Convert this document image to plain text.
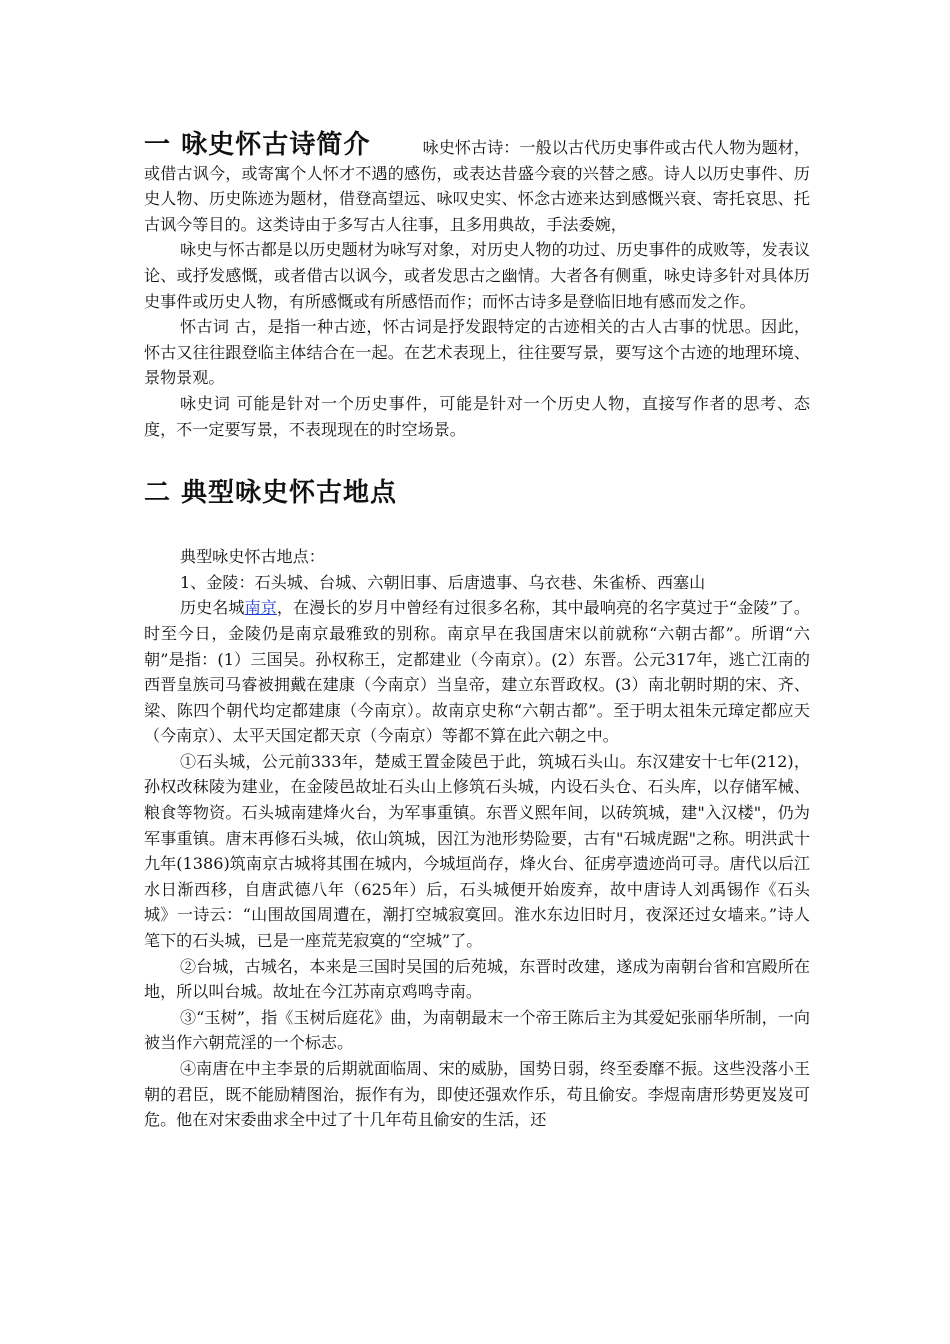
一 咏史怀古诗简介	咏史怀古诗：一般以古代历史事件或古代人物为题材，或借古讽今，或寄寓个人怀才不遇的感伤，或表达昔盛今衰的兴替之感。诗人以历史事件、历史人物、历史陈迹为题材，借登高望远、咏叹史实、怀念古迹来达到感慨兴衰、寄托哀思、托古讽今等目的。这类诗由于多写古人往事，且多用典故，手法委婉，

咏史与怀古都是以历史题材为咏写对象，对历史人物的功过、历史事件的成败等，发表议论、或抒发感慨，或者借古以讽今，或者发思古之幽情。大者各有侧重，咏史诗多针对具体历史事件或历史人物，有所感慨或有所感悟而作；而怀古诗多是登临旧地有感而发之作。

怀古词 古，是指一种古迹，怀古词是抒发跟特定的古迹相关的古人古事的忧思。因此，怀古又往往跟登临主体结合在一起。在艺术表现上，往往要写景，要写这个古迹的地理环境、景物景观。

咏史词 可能是针对一个历史事件，可能是针对一个历史人物，直接写作者的思考、态度，不一定要写景，不表现现在的时空场景。

二 典型咏史怀古地点

典型咏史怀古地点：

1、金陵：石头城、台城、六朝旧事、后唐遗事、乌衣巷、朱雀桥、西塞山

历史名城南京，在漫长的岁月中曾经有过很多名称，其中最响亮的名字莫过于“金陵”了。时至今日，金陵仍是南京最雅致的别称。南京早在我国唐宋以前就称“六朝古都”。所谓“六朝”是指：(1）三国吴。孙权称王，定都建业（今南京）。(2）东晋。公元317年，逃亡江南的西晋皇族司马睿被拥戴在建康（今南京）当皇帝，建立东晋政权。(3）南北朝时期的宋、齐、梁、陈四个朝代均定都建康（今南京）。故南京史称“六朝古都”。至于明太祖朱元璋定都应天（今南京）、太平天国定都天京（今南京）等都不算在此六朝之中。

①石头城，公元前333年，楚威王置金陵邑于此，筑城石头山。东汉建安十七年(212)，孙权改秣陵为建业，在金陵邑故址石头山上修筑石头城，内设石头仓、石头库，以存储军械、粮食等物资。石头城南建烽火台，为军事重镇。东晋义熙年间，以砖筑城，建"入汉楼"，仍为军事重镇。唐末再修石头城，依山筑城，因江为池形势险要，古有"石城虎踞"之称。明洪武十九年(1386)筑南京古城将其围在城内，今城垣尚存，烽火台、征虏亭遗迹尚可寻。唐代以后江水日渐西移，自唐武德八年（625年）后，石头城便开始废弃，故中唐诗人刘禹锡作《石头城》一诗云：“山围故国周遭在，潮打空城寂寞回。淮水东边旧时月，夜深还过女墙来。”诗人笔下的石头城，已是一座荒芜寂寞的“空城”了。

②台城，古城名，本来是三国时吴国的后苑城，东晋时改建，遂成为南朝台省和宫殿所在地，所以叫台城。故址在今江苏南京鸡鸣寺南。

③“玉树”，指《玉树后庭花》曲，为南朝最末一个帝王陈后主为其爱妃张丽华所制，一向被当作六朝荒淫的一个标志。

④南唐在中主李景的后期就面临周、宋的威胁，国势日弱，终至委靡不振。这些没落小王朝的君臣，既不能励精图治，振作有为，即使还强欢作乐，苟且偷安。李煜南唐形势更岌岌可危。他在对宋委曲求全中过了十几年苟且偷安的生活，还
